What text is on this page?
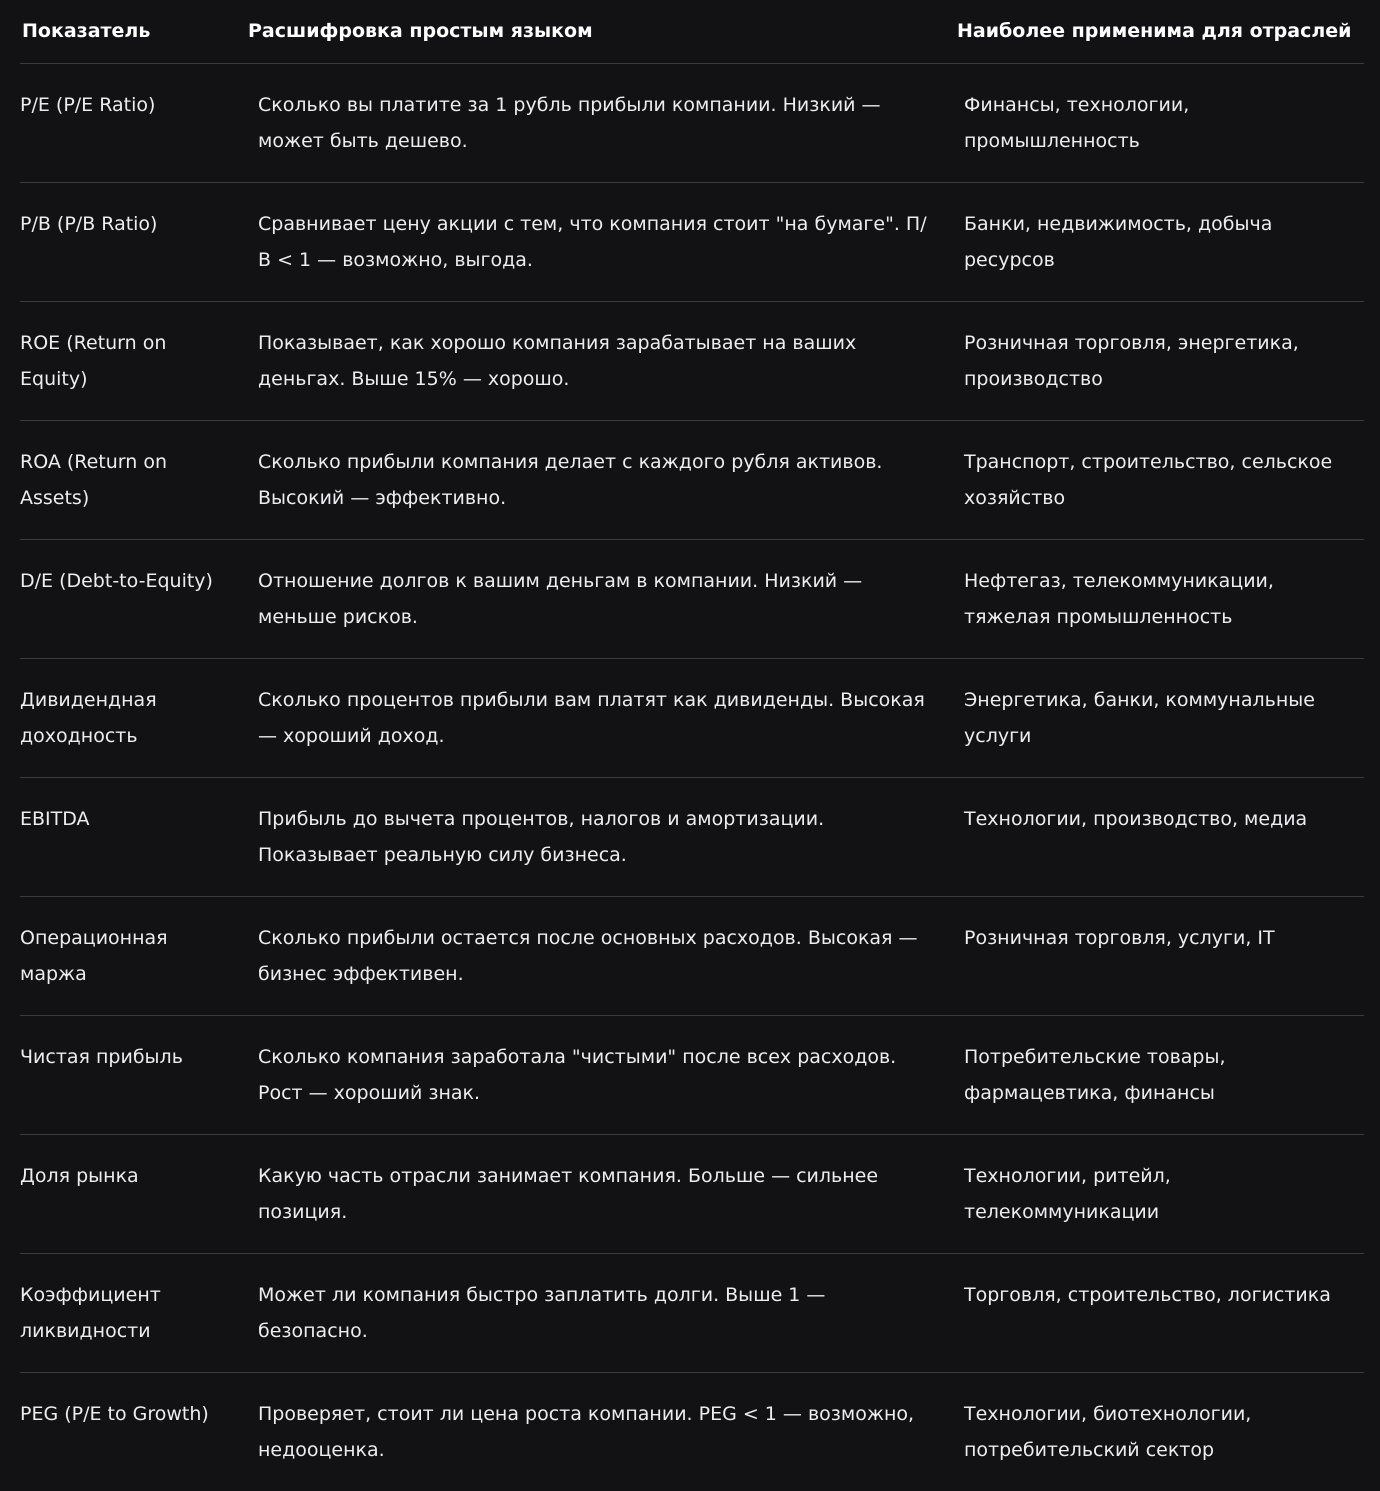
Показатель	Расшифровка простым языком	Наиболее применима для отраслей
P/E (P/E Ratio)	Сколько вы платите за 1 рубль прибыли компании. Низкий — может быть дешево.	Финансы, технологии, промышленность
P/B (P/B Ratio)	Сравнивает цену акции с тем, что компания стоит "на бумаге". П/В < 1 — возможно, выгода.	Банки, недвижимость, добыча ресурсов
ROE (Return on Equity)	Показывает, как хорошо компания зарабатывает на ваших деньгах. Выше 15% — хорошо.	Розничная торговля, энергетика, производство
ROA (Return on Assets)	Сколько прибыли компания делает с каждого рубля активов. Высокий — эффективно.	Транспорт, строительство, сельское хозяйство
D/E (Debt-to-Equity)	Отношение долгов к вашим деньгам в компании. Низкий — меньше рисков.	Нефтегаз, телекоммуникации, тяжелая промышленность
Дивидендная доходность	Сколько процентов прибыли вам платят как дивиденды. Высокая — хороший доход.	Энергетика, банки, коммунальные услуги
EBITDA	Прибыль до вычета процентов, налогов и амортизации. Показывает реальную силу бизнеса.	Технологии, производство, медиа
Операционная маржа	Сколько прибыли остается после основных расходов. Высокая — бизнес эффективен.	Розничная торговля, услуги, IT
Чистая прибыль	Сколько компания заработала "чистыми" после всех расходов. Рост — хороший знак.	Потребительские товары, фармацевтика, финансы
Доля рынка	Какую часть отрасли занимает компания. Больше — сильнее позиция.	Технологии, ритейл, телекоммуникации
Коэффициент ликвидности	Может ли компания быстро заплатить долги. Выше 1 — безопасно.	Торговля, строительство, логистика
PEG (P/E to Growth)	Проверяет, стоит ли цена роста компании. PEG < 1 — возможно, недооценка.	Технологии, биотехнологии, потребительский сектор
